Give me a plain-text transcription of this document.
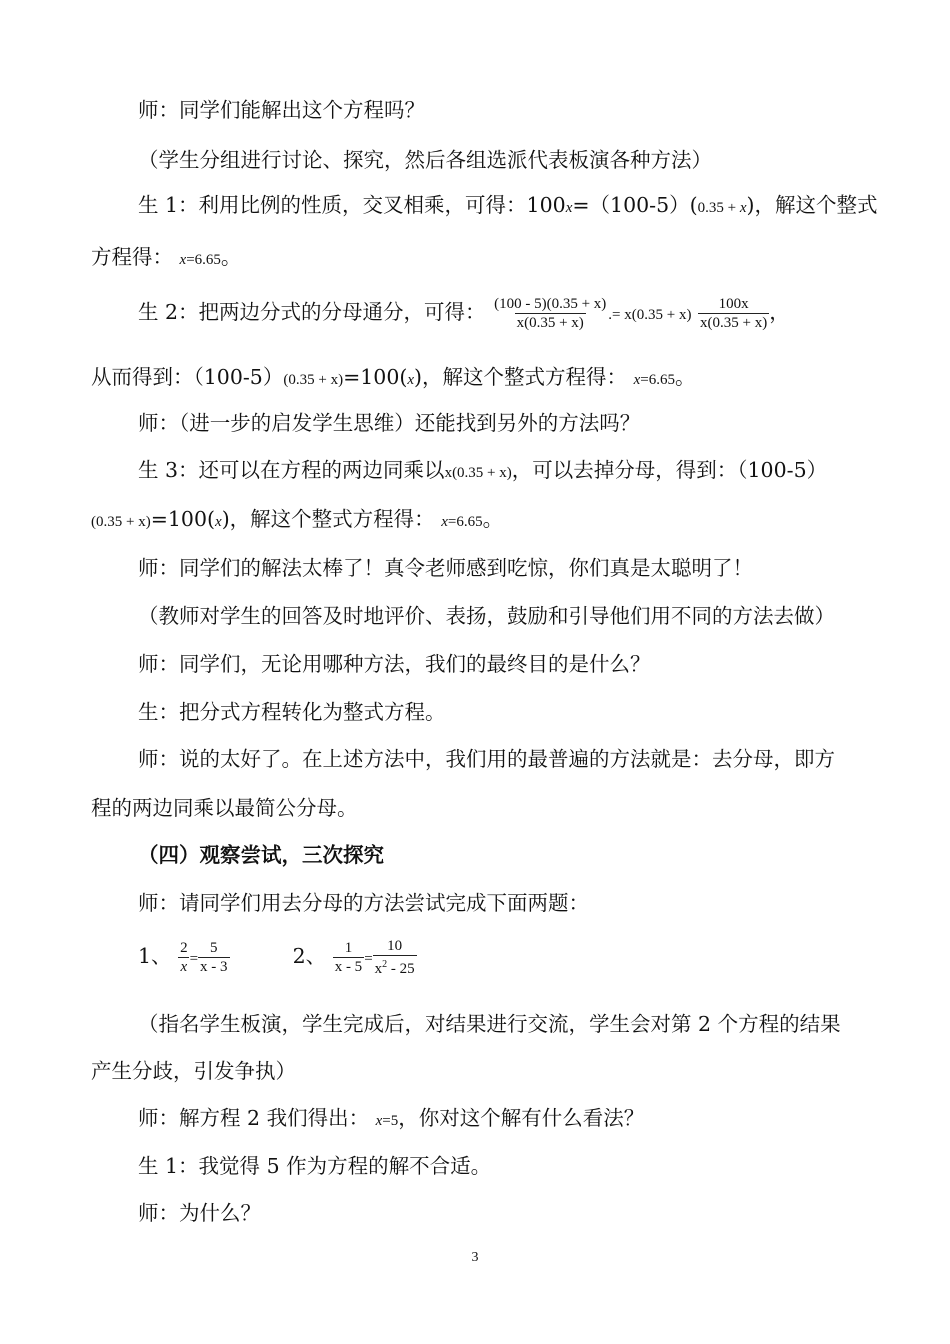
师：同学们能解出这个方程吗？
（学生分组进行讨论、探究，然后各组选派代表板演各种方法）
生 1：利用比例的性质，交叉相乘，可得：100x=（100-5）(0.35 + x)，解这个整式
方程得： x=6.65。
生 2：把两边分式的分母通分，可得： $\frac{(100 - 5)(0.35 + x)}{x(0.35 + x)}$ .= $x(0.35 + x) \frac{100x}{x(0.35 + x)}$ ，
从而得到：（100-5）(0.35 + x)=100(x)，解这个整式方程得： x=6.65。
师：（进一步的启发学生思维）还能找到另外的方法吗？
生 3：还可以在方程的两边同乘以x(0.35 + x)，可以去掉分母，得到：（100-5）
(0.35 + x)=100(x)，解这个整式方程得： x=6.65。
师：同学们的解法太棒了！真令老师感到吃惊，你们真是太聪明了！
（教师对学生的回答及时地评价、表扬，鼓励和引导他们用不同的方法去做）
师：同学们，无论用哪种方法，我们的最终目的是什么？
生：把分式方程转化为整式方程。
师：说的太好了。在上述方法中，我们用的最普遍的方法就是：去分母，即方
程的两边同乘以最简公分母。
（四）观察尝试，三次探究
师：请同学们用去分母的方法尝试完成下面两题：
1、 $\frac{2}{x} = \frac{5}{x - 3}$	2、 $\frac{1}{x - 5} = \frac{10}{x^2 - 25}$
（指名学生板演，学生完成后，对结果进行交流，学生会对第 2 个方程的结果
产生分歧，引发争执）
师：解方程 2 我们得出： x=5，你对这个解有什么看法？
生 1：我觉得 5 作为方程的解不合适。
师：为什么？
3
